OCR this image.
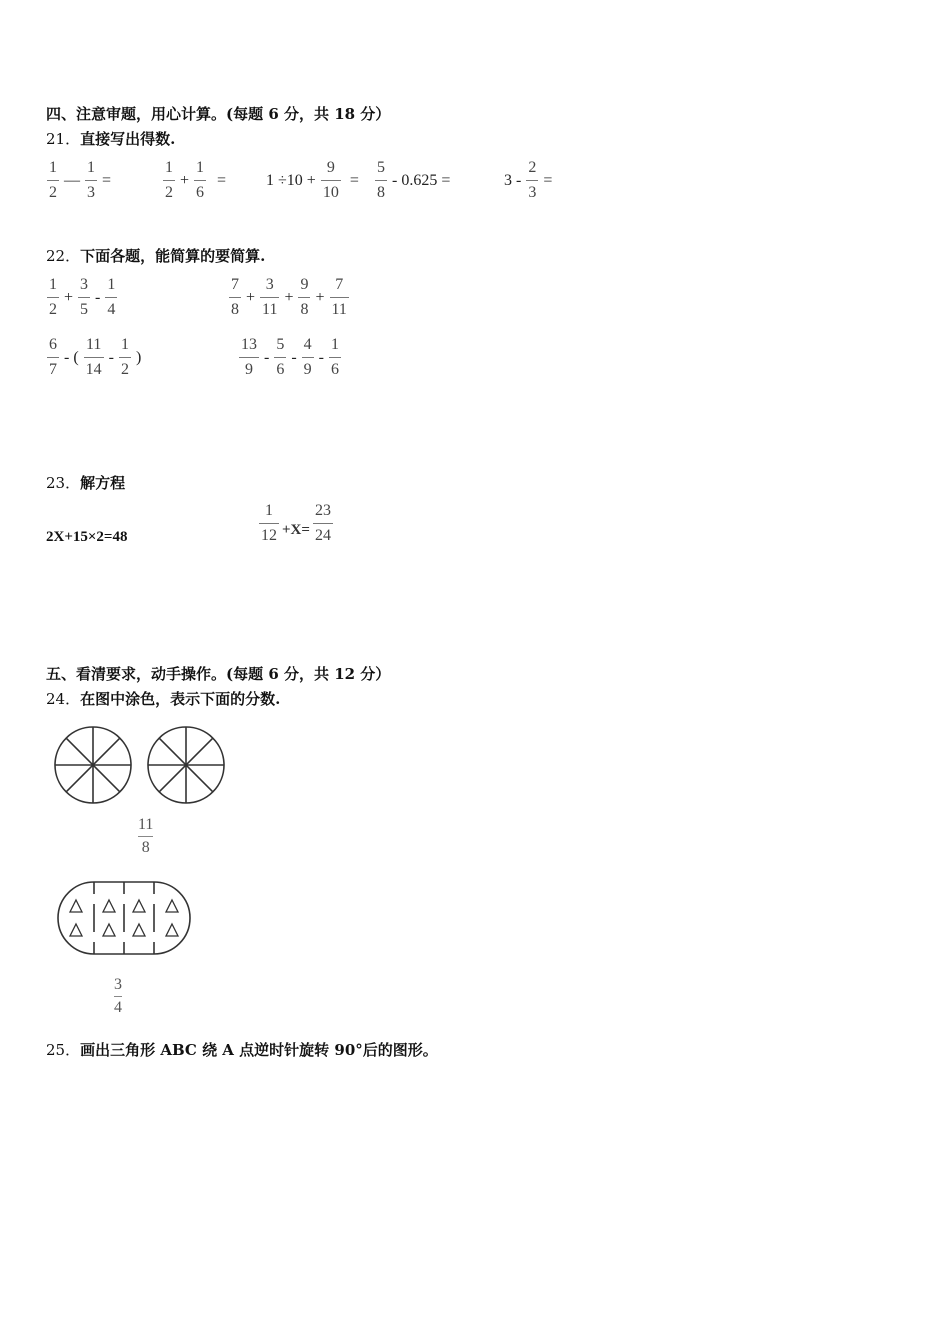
四、注意审题，用心计算。(每题 6 分，共 18 分）
21．直接写出得数.
$\frac{1}{2}$ — $\frac{1}{3}$ =	$\frac{1}{2} + \frac{1}{6} = 1 \div 10 + \frac{9}{10} = \frac{5}{8} - 0.625$ =	$3 - \frac{2}{3}$ =
22．下面各题，能简算的要简算.
$\frac{1}{2} + \frac{3}{5} - \frac{1}{4}$	$\frac{7}{8} + \frac{3}{11} + \frac{9}{8} + \frac{7}{11}$
$\frac{6}{7}$ - ( $\frac{11}{14} - \frac{1}{2}$ )	$\frac{13}{9} - \frac{5}{6} - \frac{4}{9} - \frac{1}{6}$
23．解方程
2X+15×2=48	$\frac{1}{12} +X= \frac{23}{24}$
五、看清要求，动手操作。(每题 6 分，共 12 分）
24．在图中涂色，表示下面的分数.
11
8
3
4
25．画出三角形 ABC 绕 A 点逆时针旋转 90°后的图形。
